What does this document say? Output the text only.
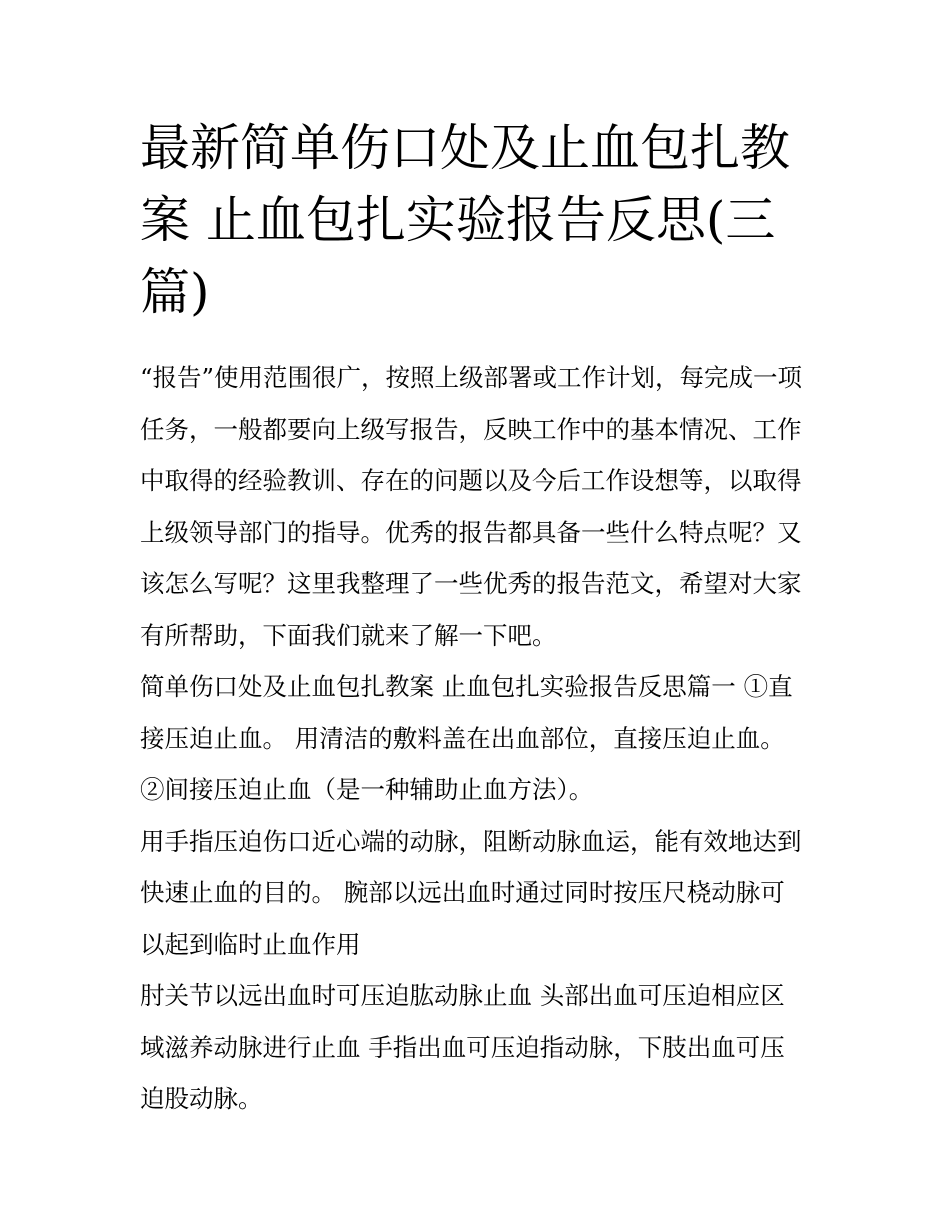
最新简单伤口处及止血包扎教
案 止血包扎实验报告反思(三
篇)
“报告”使用范围很广，按照上级部署或工作计划，每完成一项
任务，一般都要向上级写报告，反映工作中的基本情况、工作
中取得的经验教训、存在的问题以及今后工作设想等，以取得
上级领导部门的指导。优秀的报告都具备一些什么特点呢？又
该怎么写呢？这里我整理了一些优秀的报告范文，希望对大家
有所帮助，下面我们就来了解一下吧。
简单伤口处及止血包扎教案 止血包扎实验报告反思篇一 ①直
接压迫止血。 用清洁的敷料盖在出血部位，直接压迫止血。
②间接压迫止血（是一种辅助止血方法）。
用手指压迫伤口近心端的动脉，阻断动脉血运，能有效地达到
快速止血的目的。 腕部以远出血时通过同时按压尺桡动脉可
以起到临时止血作用
肘关节以远出血时可压迫肱动脉止血 头部出血可压迫相应区
域滋养动脉进行止血 手指出血可压迫指动脉，下肢出血可压
迫股动脉。
